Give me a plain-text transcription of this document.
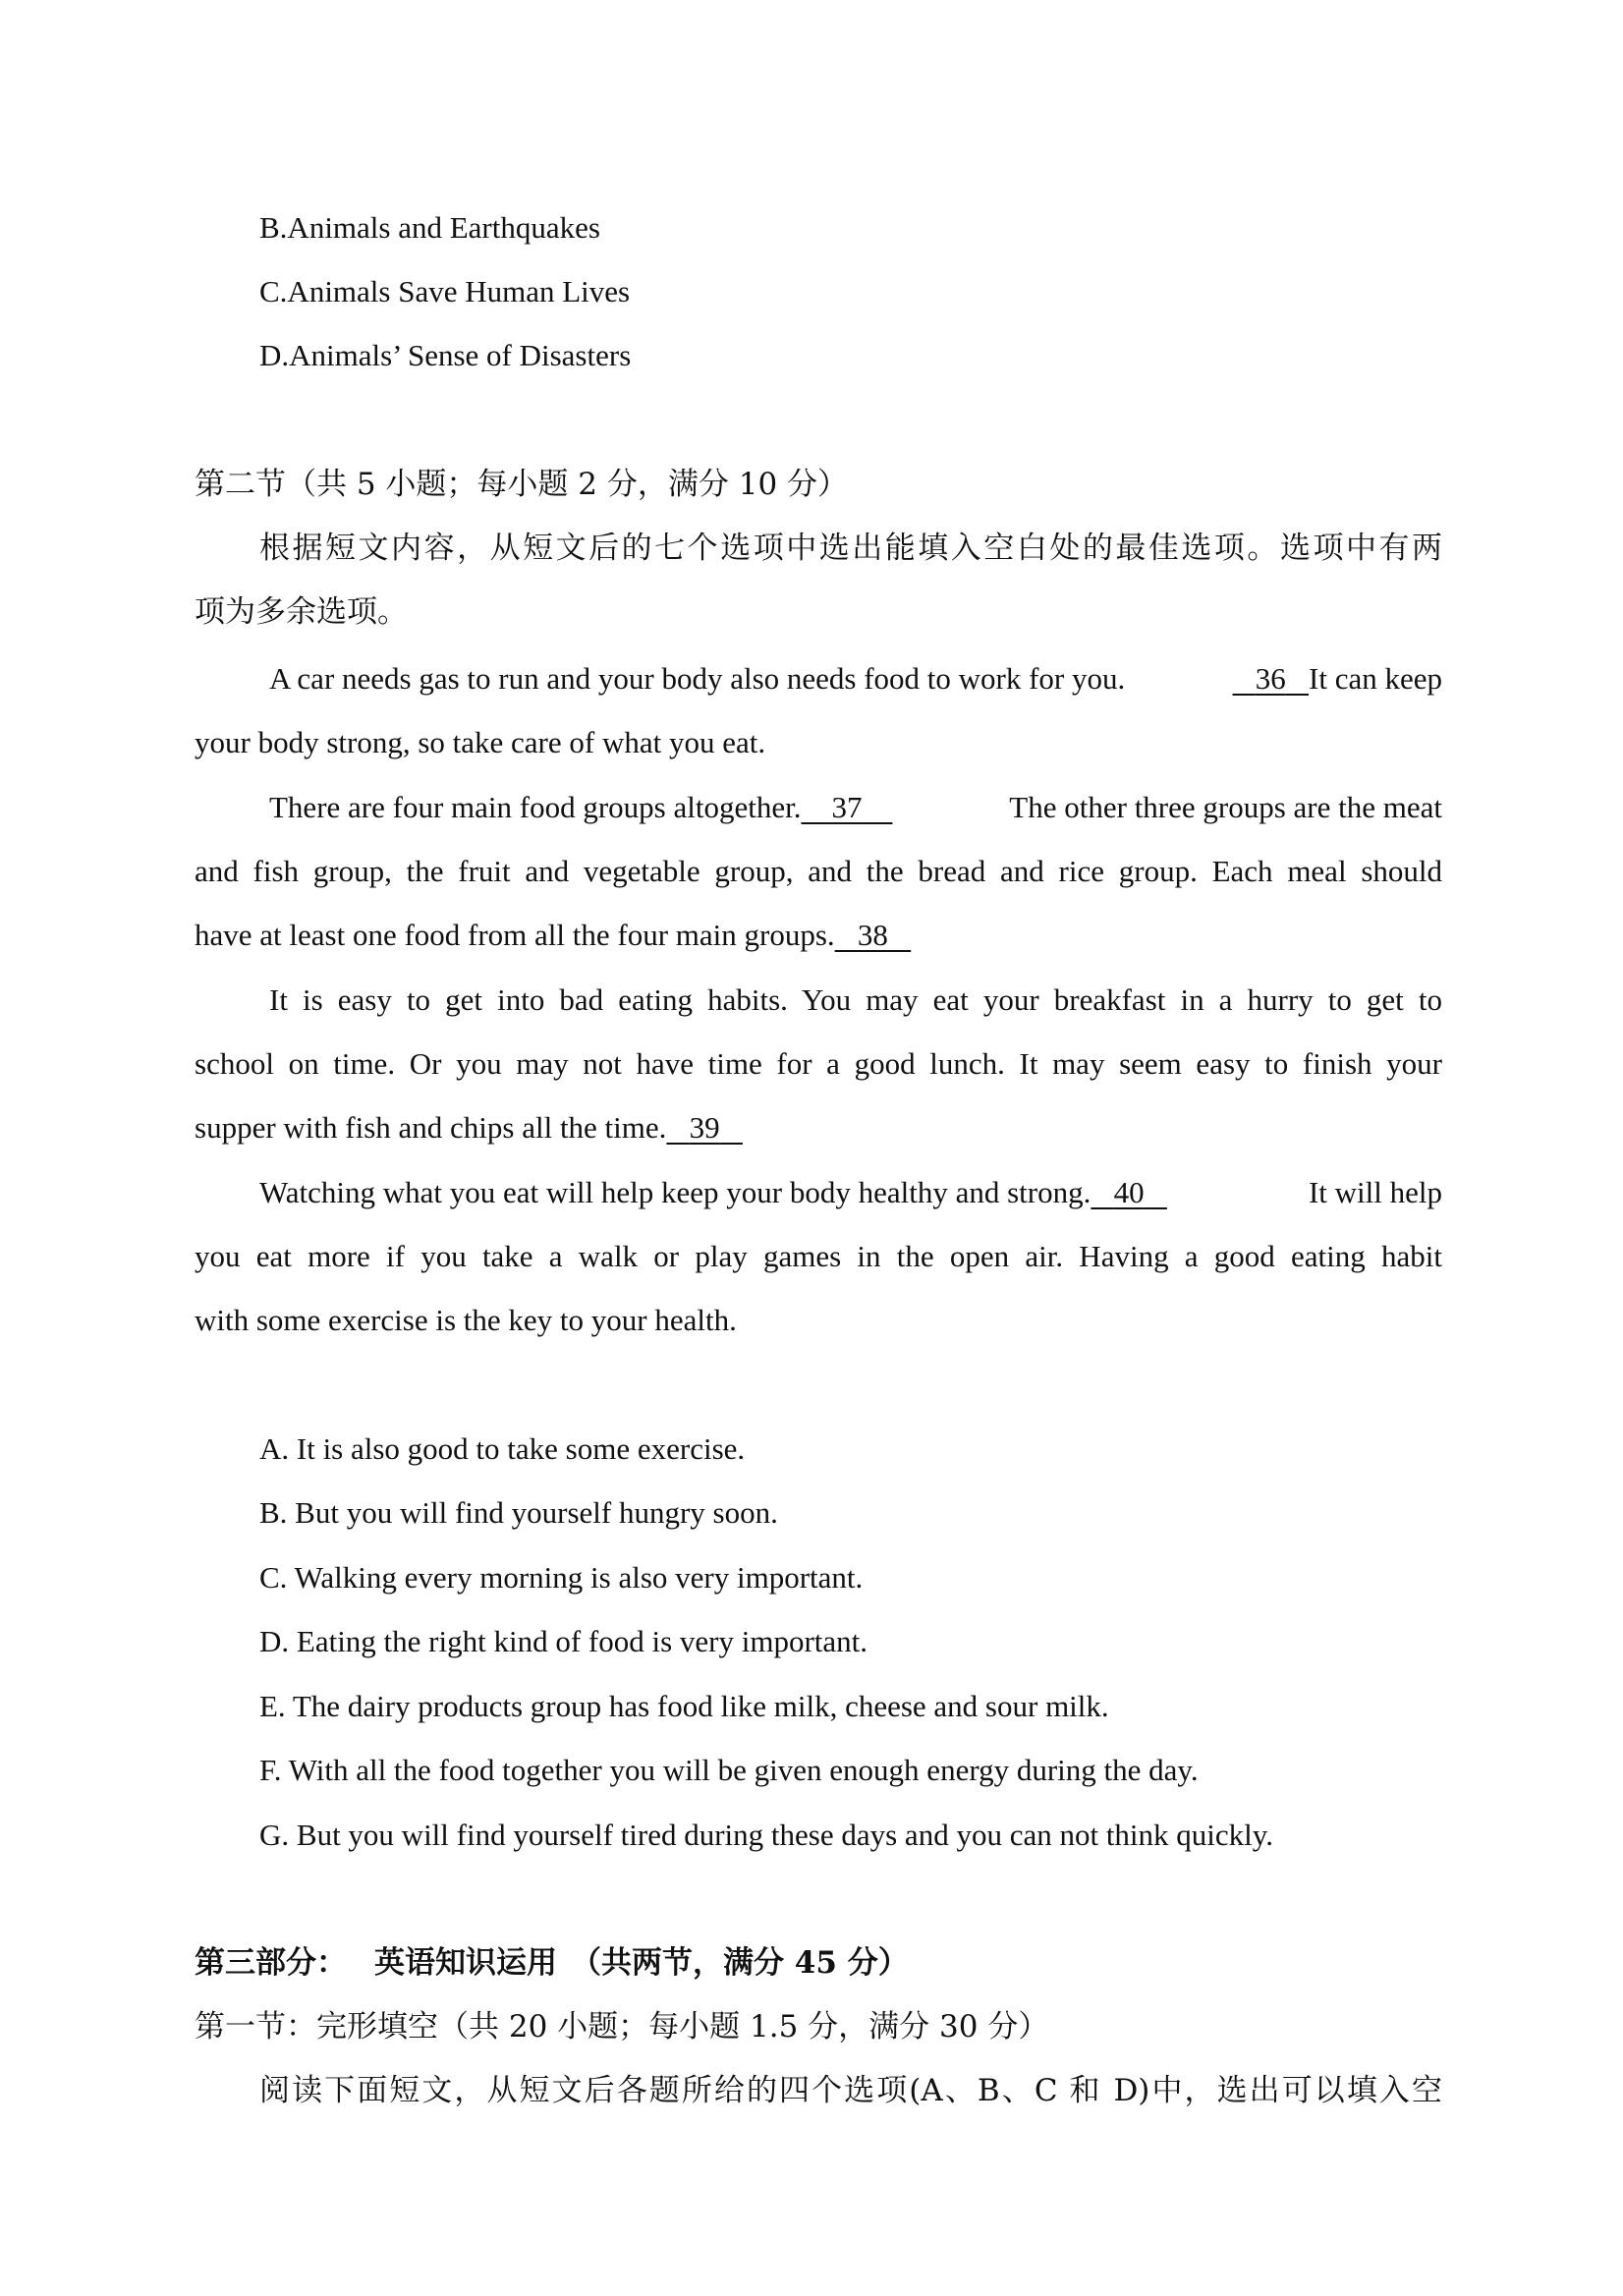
B.Animals and Earthquakes
C.Animals Save Human Lives
D.Animals’ Sense of Disasters
第二节（共 5 小题；每小题 2 分，满分 10 分）
根据短文内容，从短文后的七个选项中选出能填入空白处的最佳选项。选项中有两
项为多余选项。
A car needs gas to run and your body also needs food to work for you.	36 It can keep
your body strong, so take care of what you eat.
There are four main food groups altogether.	37	The other three groups are the meat
and fish group, the fruit and vegetable group, and the bread and rice group. Each meal should
have at least one food from all the four main groups. 38
It is easy to get into bad eating habits. You may eat your breakfast in a hurry to get to
school on time. Or you may not have time for a good lunch. It may seem easy to finish your
supper with fish and chips all the time. 39
Watching what you eat will help keep your body healthy and strong. 40	It will help
you eat more if you take a walk or play games in the open air. Having a good eating habit
with some exercise is the key to your health.
A. It is also good to take some exercise.
B. But you will find yourself hungry soon.
C. Walking every morning is also very important.
D. Eating the right kind of food is very important.
E. The dairy products group has food like milk, cheese and sour milk.
F. With all the food together you will be given enough energy during the day.
G. But you will find yourself tired during these days and you can not think quickly.
第三部分： 英语知识运用 （共两节，满分 45 分）
第一节：完形填空（共 20 小题；每小题 1.5 分，满分 30 分）
阅读下面短文，从短文后各题所给的四个选项(A、B、C 和 D)中，选出可以填入空
